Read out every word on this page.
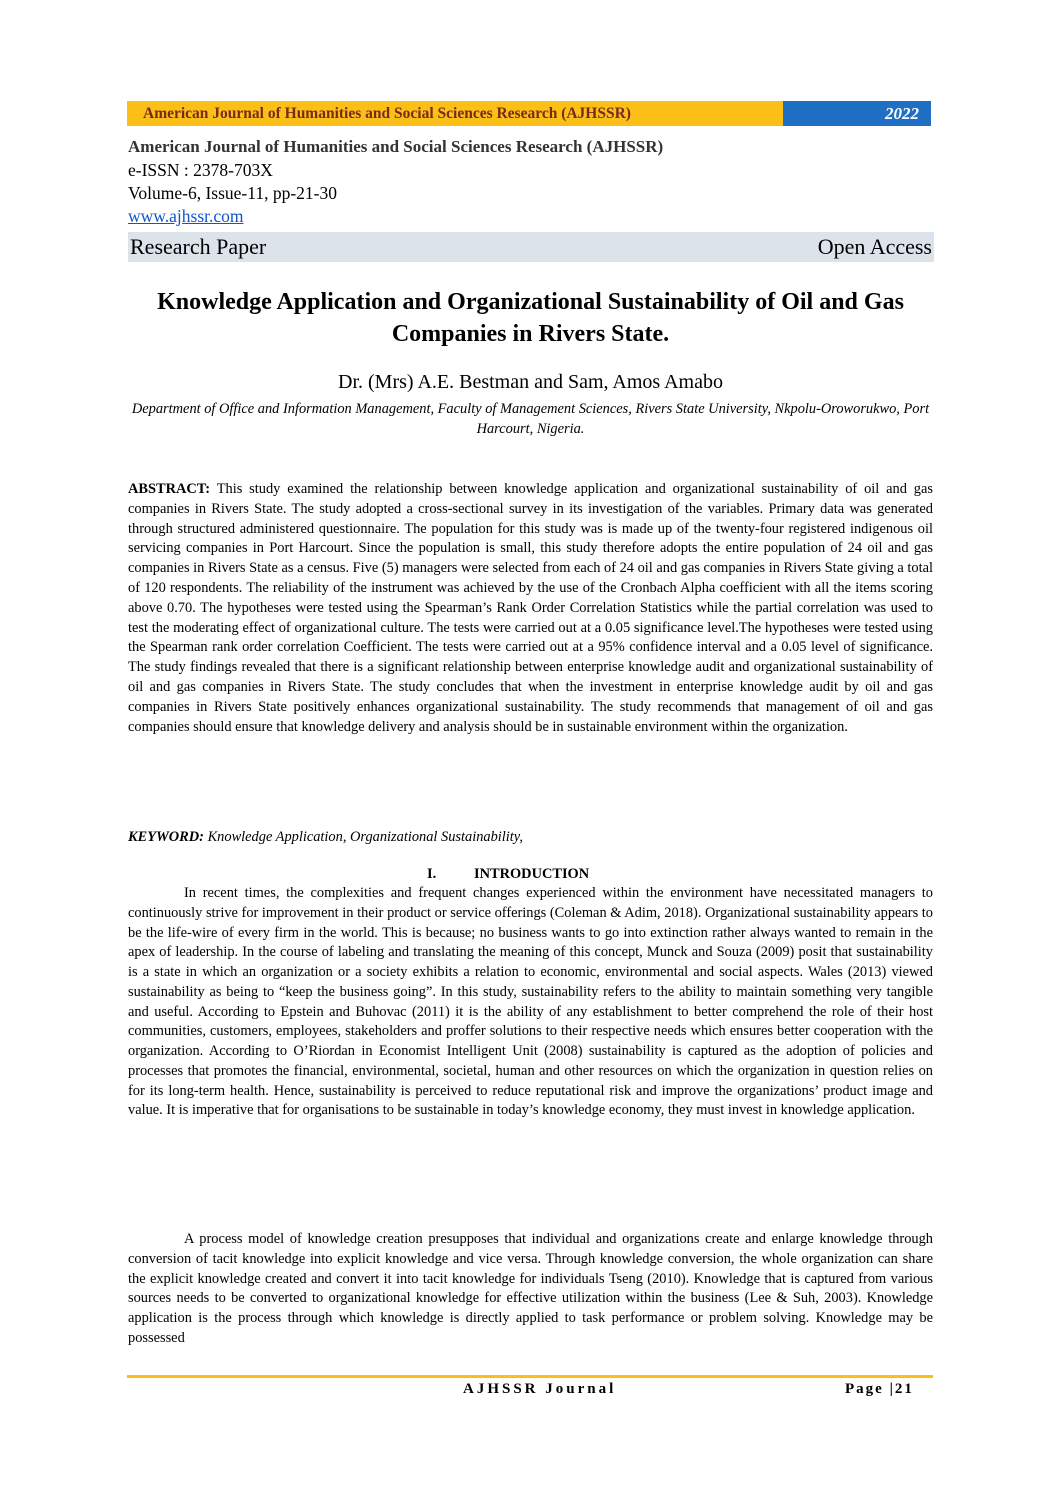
American Journal of Humanities and Social Sciences Research (AJHSSR)	2022
American Journal of Humanities and Social Sciences Research (AJHSSR)
e-ISSN : 2378-703X
Volume-6, Issue-11, pp-21-30
www.ajhssr.com
Research Paper	Open Access
Knowledge Application and Organizational Sustainability of Oil and Gas Companies in Rivers State.
Dr. (Mrs) A.E. Bestman and Sam, Amos Amabo
Department of Office and Information Management, Faculty of Management Sciences, Rivers State University, Nkpolu-Oroworukwo, Port Harcourt, Nigeria.
ABSTRACT: This study examined the relationship between knowledge application and organizational sustainability of oil and gas companies in Rivers State. The study adopted a cross-sectional survey in its investigation of the variables. Primary data was generated through structured administered questionnaire. The population for this study was is made up of the twenty-four registered indigenous oil servicing companies in Port Harcourt. Since the population is small, this study therefore adopts the entire population of 24 oil and gas companies in Rivers State as a census. Five (5) managers were selected from each of 24 oil and gas companies in Rivers State giving a total of 120 respondents. The reliability of the instrument was achieved by the use of the Cronbach Alpha coefficient with all the items scoring above 0.70. The hypotheses were tested using the Spearman’s Rank Order Correlation Statistics while the partial correlation was used to test the moderating effect of organizational culture. The tests were carried out at a 0.05 significance level.The hypotheses were tested using the Spearman rank order correlation Coefficient. The tests were carried out at a 95% confidence interval and a 0.05 level of significance. The study findings revealed that there is a significant relationship between enterprise knowledge audit and organizational sustainability of oil and gas companies in Rivers State. The study concludes that when the investment in enterprise knowledge audit by oil and gas companies in Rivers State positively enhances organizational sustainability. The study recommends that management of oil and gas companies should ensure that knowledge delivery and analysis should be in sustainable environment within the organization.
KEYWORD: Knowledge Application, Organizational Sustainability,
I.	INTRODUCTION
In recent times, the complexities and frequent changes experienced within the environment have necessitated managers to continuously strive for improvement in their product or service offerings (Coleman & Adim, 2018). Organizational sustainability appears to be the life-wire of every firm in the world. This is because; no business wants to go into extinction rather always wanted to remain in the apex of leadership. In the course of labeling and translating the meaning of this concept, Munck and Souza (2009) posit that sustainability is a state in which an organization or a society exhibits a relation to economic, environmental and social aspects. Wales (2013) viewed sustainability as being to “keep the business going”. In this study, sustainability refers to the ability to maintain something very tangible and useful. According to Epstein and Buhovac (2011) it is the ability of any establishment to better comprehend the role of their host communities, customers, employees, stakeholders and proffer solutions to their respective needs which ensures better cooperation with the organization. According to O’Riordan in Economist Intelligent Unit (2008) sustainability is captured as the adoption of policies and processes that promotes the financial, environmental, societal, human and other resources on which the organization in question relies on for its long-term health. Hence, sustainability is perceived to reduce reputational risk and improve the organizations’ product image and value. It is imperative that for organisations to be sustainable in today’s knowledge economy, they must invest in knowledge application.
A process model of knowledge creation presupposes that individual and organizations create and enlarge knowledge through conversion of tacit knowledge into explicit knowledge and vice versa. Through knowledge conversion, the whole organization can share the explicit knowledge created and convert it into tacit knowledge for individuals Tseng (2010). Knowledge that is captured from various sources needs to be converted to organizational knowledge for effective utilization within the business (Lee & Suh, 2003). Knowledge application is the process through which knowledge is directly applied to task performance or problem solving. Knowledge may be possessed
AJHSSR Journal	Page |21
